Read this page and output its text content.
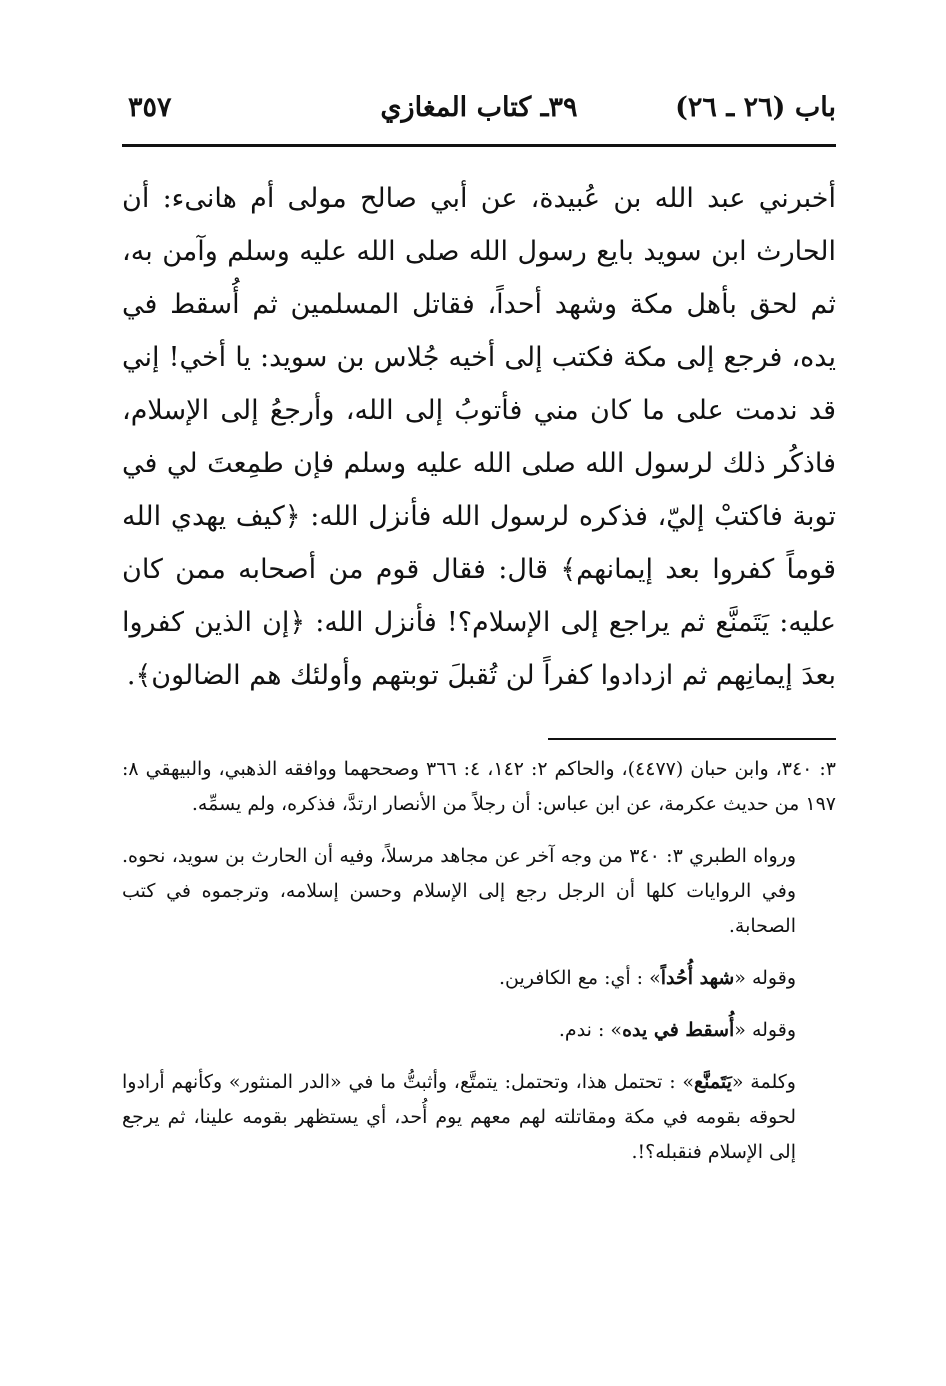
باب (٢٦ ـ ٢٦)
٣٩ـ كتاب المغازي
٣٥٧

أخبرني عبد الله بن عُبيدة، عن أبي صالح مولى أم هانىء: أن الحارث ابن سويد بايع رسول الله صلى الله عليه وسلم وآمن به، ثم لحق بأهل مكة وشهد أحداً، فقاتل المسلمين ثم أُسقط في يده، فرجع إلى مكة فكتب إلى أخيه جُلاس بن سويد: يا أخي! إني قد ندمت على ما كان مني فأتوبُ إلى الله، وأرجعُ إلى الإسلام، فاذكُر ذلك لرسول الله صلى الله عليه وسلم فإن طمِعتَ لي في توبة فاكتبْ إليّ، فذكره لرسول الله فأنزل الله: ﴿كيف يهدي الله قوماً كفروا بعد إيمانهم﴾ قال: فقال قوم من أصحابه ممن كان عليه: يَتَمنَّع ثم يراجع إلى الإسلام؟! فأنزل الله: ﴿إن الذين كفروا بعدَ إيمانِهم ثم ازدادوا كفراً لن تُقبلَ توبتهم وأولئك هم الضالون﴾.

٣: ٣٤٠، وابن حبان (٤٤٧٧)، والحاكم ٢: ١٤٢، ٤: ٣٦٦ وصححهما ووافقه الذهبي، والبيهقي ٨: ١٩٧ من حديث عكرمة، عن ابن عباس: أن رجلاً من الأنصار ارتدَّ، فذكره، ولم يسمِّه.

ورواه الطبري ٣: ٣٤٠ من وجه آخر عن مجاهد مرسلاً، وفيه أن الحارث بن سويد، نحوه. وفي الروايات كلها أن الرجل رجع إلى الإسلام وحسن إسلامه، وترجموه في كتب الصحابة.

وقوله «شهد أُحُداً» : أي: مع الكافرين.

وقوله «أُسقط في يده» : ندم.

وكلمة «يَتَمنَّع» : تحتمل هذا، وتحتمل: يتمتَّع، وأثبتُّ ما في «الدر المنثور» وكأنهم أرادوا لحوقه بقومه في مكة ومقاتلته لهم معهم يوم أُحد، أي يستظهر بقومه علينا، ثم يرجع إلى الإسلام فنقبله؟!.
